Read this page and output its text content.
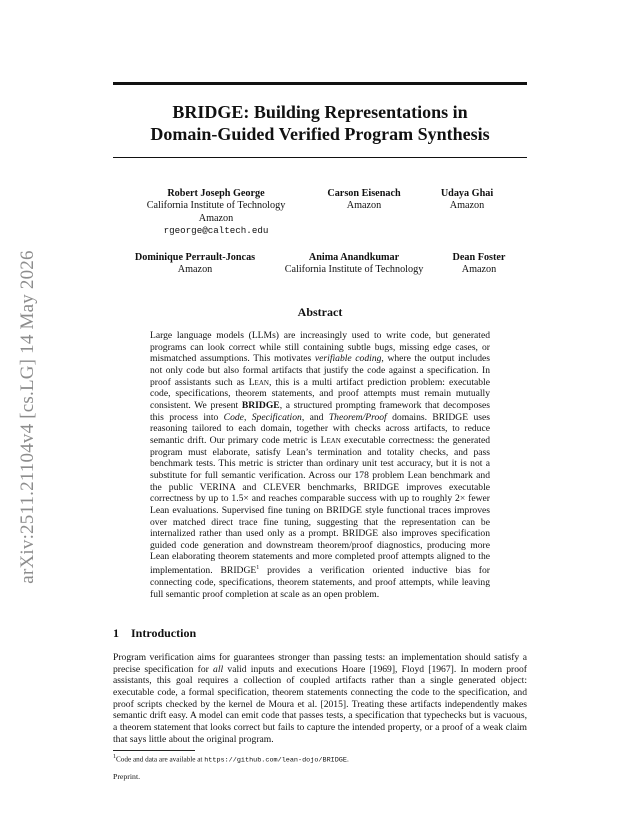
arXiv:2511.21104v4 [cs.LG] 14 May 2026
BRIDGE: Building Representations in
Domain-Guided Verified Program Synthesis
Robert Joseph George
California Institute of Technology
Amazon
rgeorge@caltech.edu
Carson Eisenach
Amazon
Udaya Ghai
Amazon
Dominique Perrault-Joncas
Amazon
Anima Anandkumar
California Institute of Technology
Dean Foster
Amazon
Abstract

Large language models (LLMs) are increasingly used to write code, but generated programs can look correct while still containing subtle bugs, missing edge cases, or mismatched assumptions. This motivates verifiable coding, where the output includes not only code but also formal artifacts that justify the code against a specification. In proof assistants such as Lean, this is a multi artifact prediction problem: executable code, specifications, theorem statements, and proof attempts must remain mutually consistent. We present BRIDGE, a structured prompting framework that decomposes this process into Code, Specification, and Theorem/Proof domains. BRIDGE uses reasoning tailored to each domain, together with checks across artifacts, to reduce semantic drift. Our primary code metric is Lean executable correctness: the generated program must elaborate, satisfy Lean’s termination and totality checks, and pass benchmark tests. This metric is stricter than ordinary unit test accuracy, but it is not a substitute for full semantic verification. Across our 178 problem Lean benchmark and the public VERINA and CLEVER benchmarks, BRIDGE improves executable correctness by up to 1.5× and reaches comparable success with up to roughly 2× fewer Lean evaluations. Supervised fine tuning on BRIDGE style functional traces improves over matched direct trace fine tuning, suggesting that the representation can be internalized rather than used only as a prompt. BRIDGE also improves specification guided code generation and downstream theorem/proof diagnostics, producing more Lean elaborating theorem statements and more completed proof attempts aligned to the implementation. BRIDGE$^1$ provides a verification oriented inductive bias for connecting code, specifications, theorem statements, and proof attempts, while leaving full semantic proof completion at scale as an open problem.

1 Introduction

Program verification aims for guarantees stronger than passing tests: an implementation should satisfy a precise specification for all valid inputs and executions Hoare [1969], Floyd [1967]. In modern proof assistants, this goal requires a collection of coupled artifacts rather than a single generated object: executable code, a formal specification, theorem statements connecting the code to the specification, and proof scripts checked by the kernel de Moura et al. [2015]. Treating these artifacts independently makes semantic drift easy. A model can emit code that passes tests, a specification that typechecks but is vacuous, a theorem statement that looks correct but fails to capture the intended property, or a proof of a weak claim that says little about the original program.

$^1$Code and data are available at https://github.com/lean-dojo/BRIDGE.
Preprint.
